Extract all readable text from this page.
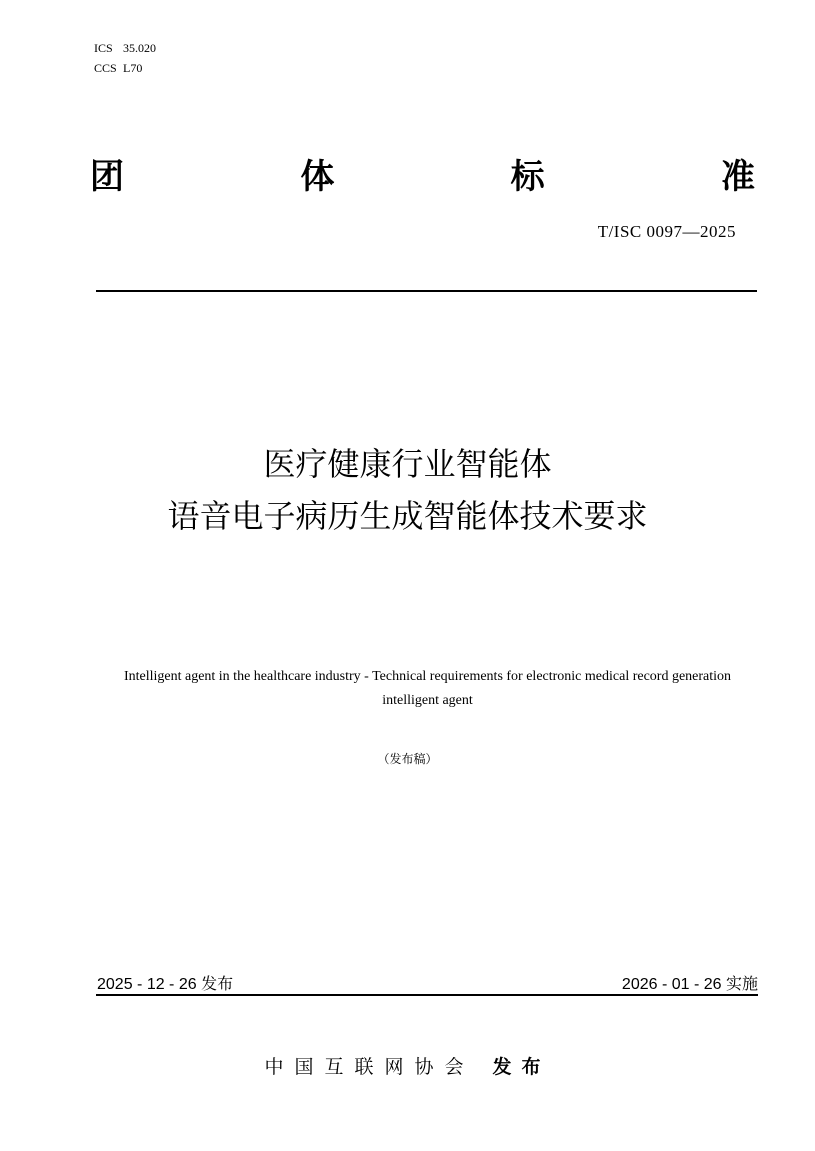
ICS 35.020
CCS L70
团	体	标	准
T/ISC 0097—2025
医疗健康行业智能体
语音电子病历生成智能体技术要求
Intelligent agent in the healthcare industry - Technical requirements for electronic medical record generation intelligent agent
（发布稿）
2025 - 12 - 26 发布	2026 - 01 - 26 实施
中国互联网协会 发布
